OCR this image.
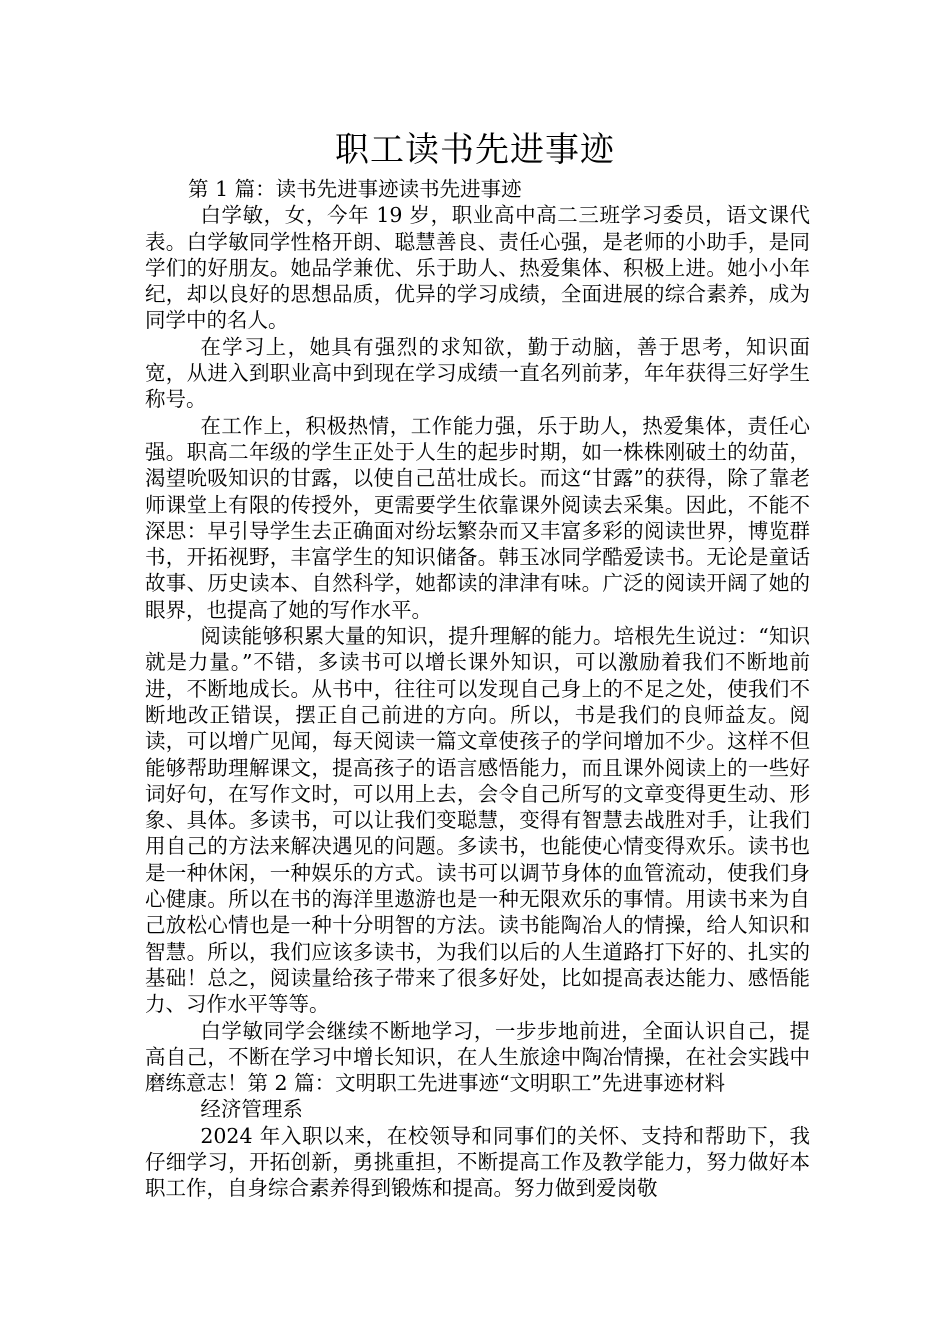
职工读书先进事迹

第 1 篇：读书先进事迹读书先进事迹

白学敏，女，今年 19 岁，职业高中高二三班学习委员，语文课代表。白学敏同学性格开朗、聪慧善良、责任心强，是老师的小助手，是同学们的好朋友。她品学兼优、乐于助人、热爱集体、积极上进。她小小年纪，却以良好的思想品质，优异的学习成绩，全面进展的综合素养，成为同学中的名人。

在学习上，她具有强烈的求知欲，勤于动脑，善于思考，知识面宽，从进入到职业高中到现在学习成绩一直名列前茅，年年获得三好学生称号。

在工作上，积极热情，工作能力强，乐于助人，热爱集体，责任心强。职高二年级的学生正处于人生的起步时期，如一株株刚破土的幼苗，渴望吮吸知识的甘露，以使自己茁壮成长。而这“甘露”的获得，除了靠老师课堂上有限的传授外，更需要学生依靠课外阅读去采集。因此，不能不深思：早引导学生去正确面对纷坛繁杂而又丰富多彩的阅读世界，博览群书，开拓视野，丰富学生的知识储备。韩玉冰同学酷爱读书。无论是童话故事、历史读本、自然科学，她都读的津津有味。广泛的阅读开阔了她的眼界，也提高了她的写作水平。

阅读能够积累大量的知识，提升理解的能力。培根先生说过：“知识就是力量。”不错，多读书可以增长课外知识，可以激励着我们不断地前进，不断地成长。从书中，往往可以发现自己身上的不足之处，使我们不断地改正错误，摆正自己前进的方向。所以，书是我们的良师益友。阅读，可以增广见闻，每天阅读一篇文章使孩子的学问增加不少。这样不但能够帮助理解课文，提高孩子的语言感悟能力，而且课外阅读上的一些好词好句，在写作文时，可以用上去，会令自己所写的文章变得更生动、形象、具体。多读书，可以让我们变聪慧，变得有智慧去战胜对手，让我们用自己的方法来解决遇见的问题。多读书，也能使心情变得欢乐。读书也是一种休闲，一种娱乐的方式。读书可以调节身体的血管流动，使我们身心健康。所以在书的海洋里遨游也是一种无限欢乐的事情。用读书来为自己放松心情也是一种十分明智的方法。读书能陶冶人的情操，给人知识和智慧。所以，我们应该多读书，为我们以后的人生道路打下好的、扎实的基础！总之，阅读量给孩子带来了很多好处，比如提高表达能力、感悟能力、习作水平等等。

白学敏同学会继续不断地学习，一步步地前进，全面认识自己，提高自己，不断在学习中增长知识，在人生旅途中陶冶情操，在社会实践中磨练意志！第 2 篇：文明职工先进事迹“文明职工”先进事迹材料

经济管理系

2024 年入职以来，在校领导和同事们的关怀、支持和帮助下，我仔细学习，开拓创新，勇挑重担，不断提高工作及教学能力，努力做好本职工作，自身综合素养得到锻炼和提高。努力做到爱岗敬
